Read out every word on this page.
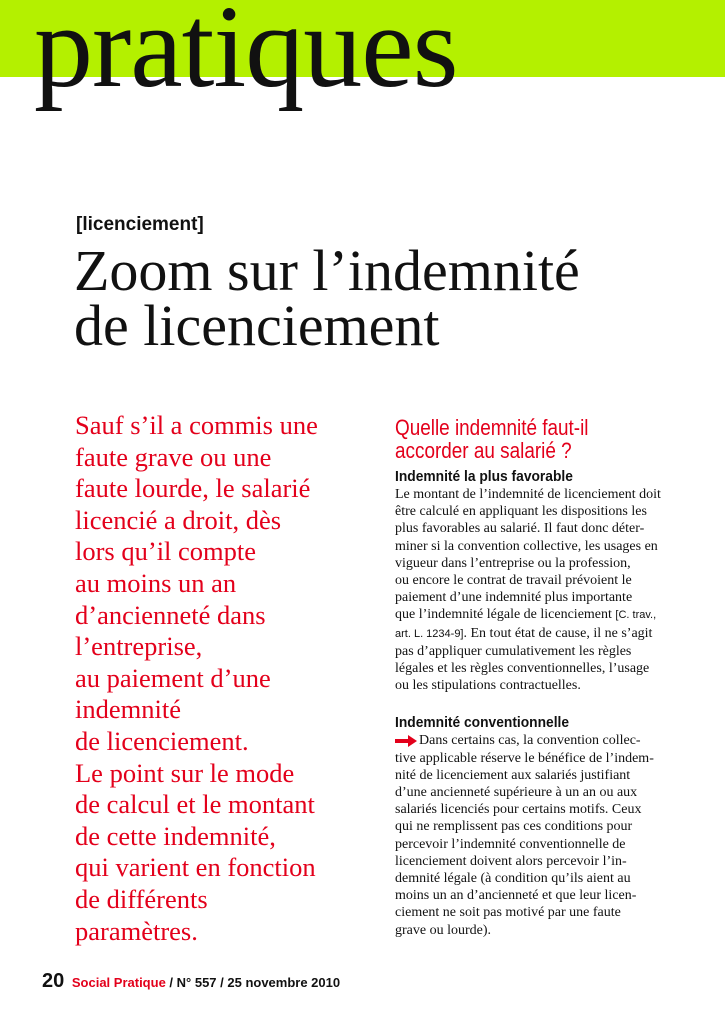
pratiques
[licenciement]
Zoom sur l’indemnité
de licenciement
Sauf s’il a commis une
faute grave ou une
faute lourde, le salarié
licencié a droit, dès
lors qu’il compte
au moins un an
d’ancienneté dans
l’entreprise,
au paiement d’une
indemnité
de licenciement.
Le point sur le mode
de calcul et le montant
de cette indemnité,
qui varient en fonction
de différents
paramètres.
Quelle indemnité faut-il
accorder au salarié ?
Indemnité la plus favorable

Le montant de l’indemnité de licenciement doit
être calculé en appliquant les dispositions les
plus favorables au salarié. Il faut donc déter-
miner si la convention collective, les usages en
vigueur dans l’entreprise ou la profession,
ou encore le contrat de travail prévoient le
paiement d’une indemnité plus importante
que l’indemnité légale de licenciement [C. trav.,
art. L. 1234-9]. En tout état de cause, il ne s’agit
pas d’appliquer cumulativement les règles
légales et les règles conventionnelles, l’usage
ou les stipulations contractuelles.

Indemnité conventionnelle

Dans certains cas, la convention collec-
tive applicable réserve le bénéfice de l’indem-
nité de licenciement aux salariés justifiant
d’une ancienneté supérieure à un an ou aux
salariés licenciés pour certains motifs. Ceux
qui ne remplissent pas ces conditions pour
percevoir l’indemnité conventionnelle de
licenciement doivent alors percevoir l’in-
demnité légale (à condition qu’ils aient au
moins un an d’ancienneté et que leur licen-
ciement ne soit pas motivé par une faute
grave ou lourde).

20 Social Pratique / N° 557 / 25 novembre 2010
